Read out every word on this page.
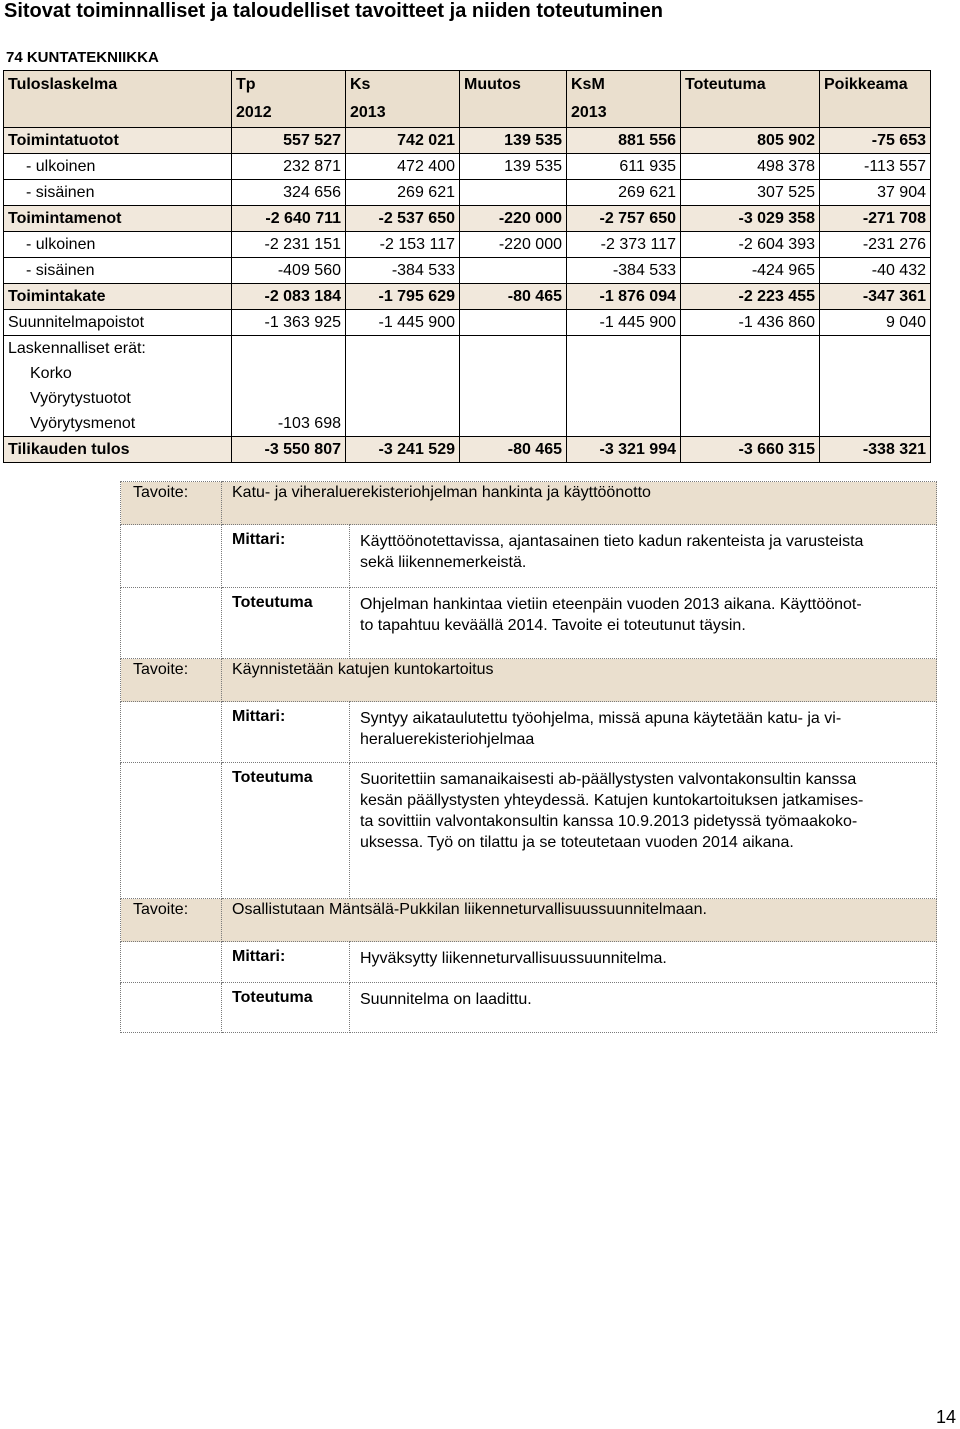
Sitovat toiminnalliset ja taloudelliset tavoitteet ja niiden toteutuminen
74 KUNTATEKNIIKKA
Tuloslaskelma	Tp	Ks	Muutos	KsM	Toteutuma	Poikkeama
	2012	2013		2013		
Toimintatuotot	557 527	742 021	139 535	881 556	805 902	-75 653
- ulkoinen	232 871	472 400	139 535	611 935	498 378	-113 557
- sisäinen	324 656	269 621		269 621	307 525	37 904
Toimintamenot	-2 640 711	-2 537 650	-220 000	-2 757 650	-3 029 358	-271 708
- ulkoinen	-2 231 151	-2 153 117	-220 000	-2 373 117	-2 604 393	-231 276
- sisäinen	-409 560	-384 533		-384 533	-424 965	-40 432
Toimintakate	-2 083 184	-1 795 629	-80 465	-1 876 094	-2 223 455	-347 361
Suunnitelmapoistot	-1 363 925	-1 445 900		-1 445 900	-1 436 860	9 040
Laskennalliset erät:						
Korko						
Vyörytystuotot						
Vyörytysmenot	-103 698					
Tilikauden tulos	-3 550 807	-3 241 529	-80 465	-3 321 994	-3 660 315	-338 321
Tavoite:	Katu- ja viheraluerekisteriohjelman hankinta ja käyttöönotto	
	Mittari:	Käyttöönotettavissa, ajantasainen tieto kadun rakenteista ja varusteista
sekä liikennemerkeistä.

	Toteutuma	Ohjelman hankintaa vietiin eteenpäin vuoden 2013 aikana. Käyttöönot-
to tapahtuu keväällä 2014. Tavoite ei toteutunut täysin.

Tavoite:	Käynnistetään katujen kuntokartoitus	
	Mittari:	Syntyy aikataulutettu työohjelma, missä apuna käytetään katu- ja vi-
heraluerekisteriohjelmaa

	Toteutuma	Suoritettiin samanaikaisesti ab-päällystysten valvontakonsultin kanssa
kesän päällystysten yhteydessä. Katujen kuntokartoituksen jatkamises-
ta sovittiin valvontakonsultin kanssa 10.9.2013 pidetyssä työmaakoko-
uksessa. Työ on tilattu ja se toteutetaan vuoden 2014 aikana.

Tavoite:	Osallistutaan Mäntsälä-Pukkilan liikenneturvallisuussuunnitelmaan.	
	Mittari:	Hyväksytty liikenneturvallisuussuunnitelma.

	Toteutuma	Suunnitelma on laadittu.
14
